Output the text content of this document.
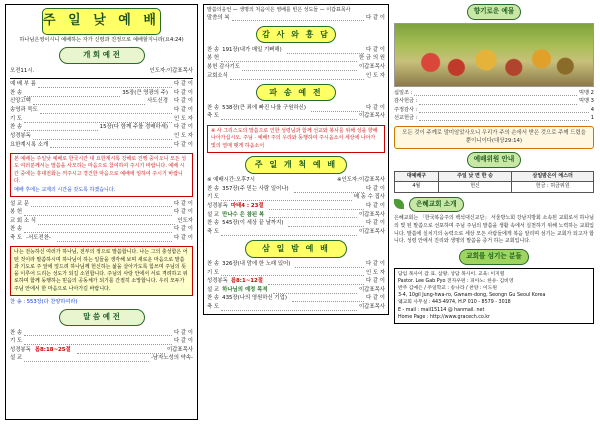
주 일 낮 예 배
하나님은영이시니 예배하는 자가 신령과 진정으로 예배할지니라(요4:24)
개 회 예 전
오전11시.	인도자:이갑표목사
예 배 부 름	다 같 이
찬 송	35장(큰 영광의 주) 다 같 이
신앙고백	사도신경 다 같 이
송영과 묵도	다 같 이
기 도	인 도 자
찬 송	15장(다 함께 주를 경배하세) 다 같 이
성경봉독	인 도 자
요한계시록 소개	다 같 이
본 예배는 주일낮 예배로 한국시간 내 요한계시록 강해로 진행 중이오니 모든 성도 여러분께서는 말씀을 사모하는 마음으로 참여하여 주시기 바랍니다. 예배 시간 중에는 휴대전화는 꺼주시고 경건한 마음으로 예배에 임하여 주시기 바랍니다.
예배 후에는 교제의 시간을 갖도록 하겠습니다.
설 교 문	다 같 이
봉 헌	다 같 이
교 회 소 식	인도자
찬 송	다 같 이
축 도 -서도전찬-	다 같 이
나는 전능하신 여러가 하나님, 전부의 정으로 말씀합니다. 나는 그의 충성함은 어떤 것이라 말씀하시며 하나님이 하는 일들을 생각해 보며 새로운 마음으로 말씀과 기도로 주 앞에 엎드려 하나님께 헌신하는 삶을 살아가도록 힘쓰며 주님의 뜻을 이루어 드리는 성도가 되길 소원합니다. 주님의 사랑 안에서 서로 격려하고 위로하며 함께 동행하는 믿음의 공동체가 되기를 간절히 소망합니다. 우리 모두가 주님 안에서 한 마음으로 나아가길 바랍니다.
찬 송 : 553장(다 찬양하여라)
말 씀 예 전
찬 송	다 같 이
기 도	다 같 이
성경봉독 롬8:18~25절	이갑표목사
설 교	-남자노성의 약속-
말씀의응언 — 생명의 처음이은 영배를 빈은 성도들 — 이갑표목사
말씀의 복	다 같 이
감 사 와 흥 담
찬 송 191장(내가 매일 기뻐해)	다 같 이
봉 헌	한 금 의 원
봉헌 감사기도	이갑표목사
교회소식	인 도 자
파 송 예 전
찬 송 538장(큰 죄에 빠진 나를 구원하신)	다 같 이
축 도	이갑표목사
※ 사 그리스도의 말씀으로 인한 성령님과 함께 선교와 봉사를 위해 성을 향해 나아가십시오. 주님 · 예배! 주의 우리와 동행하여 주시옵소서 세상에 나아가 빛의 열매 맺게 하옵소서
주 일 개 척 예 배
※ 예배시간:오후7시	※인도자:이갑표목사
찬 송 357장(주 믿는 사람 일어나)	다 같 이
기 도	배 동 수 집사
성경봉독 마태4 : 23절	다 같 이
설 교 만나수 은 참된 복	이갑표목사
찬 송 545장(이 세상 끝 날까지)	다 같 이
축 도	이갑표목사
삼 일 밤 예 배
찬 송 326장(내 맘에 한 노래 있어)	다 같 이
기 도	인 도 자
성경봉독 롬8:1~12절	다 같 이
설 교 하나님의 예정 목적	이갑표목사
찬 송 435장(나의 영원하신 기업)	다 같 이
축 도	이갑표목사
향기로운 예물
십일조 :	믹맹 2
감사헌금 :	믹맹 3
주정감사 :	4
선교헌금 :	1
모든 것이 주께로 말미암았사오니 우리가 주의 손에서 받은 것으로 주께 드렸을 뿐이니이다(대상29:14)
예배위원 안내
대예배구	주일 낮 면 한 승	삼일밤은이 에스더
4월	헌신	헌금 : 허금위원
은혜교회 소개
은혜교회는 「한국복음주의 백석대신교단」 서울방노회 강남지방회 소속된 교회로서 하나님의 빛 된 말씀으로 선포하며 주님 주님의 말씀을 생활 속에서 실천하기 위해 노력하는 교회입니다. 말씀에 실치기의 능력으로 세상 모든 사람들에게 복음 알리며 섬기는 교회가 되고자 합니다. 성령 안에서 진리와 생명의 말씀을 증거 하는 교회입니다.
교회를 섬기는 분들
담임 목사이 갑 표. 삼왕. 상담 목사이. 교육: 이지렬
Pastor. Lee Gab Pyo 전자우편 : 피아노: 한유· 김비영
반주 김예은 / 주일학교 : 송나라 / 찬양 : 이도원
3-4, 10gil Jung-hwa-ro, Gwnam-dong, Seongn Gu Seoul Korea
웨교회 사무실 : 443-4974, H.P 010 - 8579 - 3018
E - mail : mail15114 @ hanmail. net
Home Page : http://www.gracech.co.kr
